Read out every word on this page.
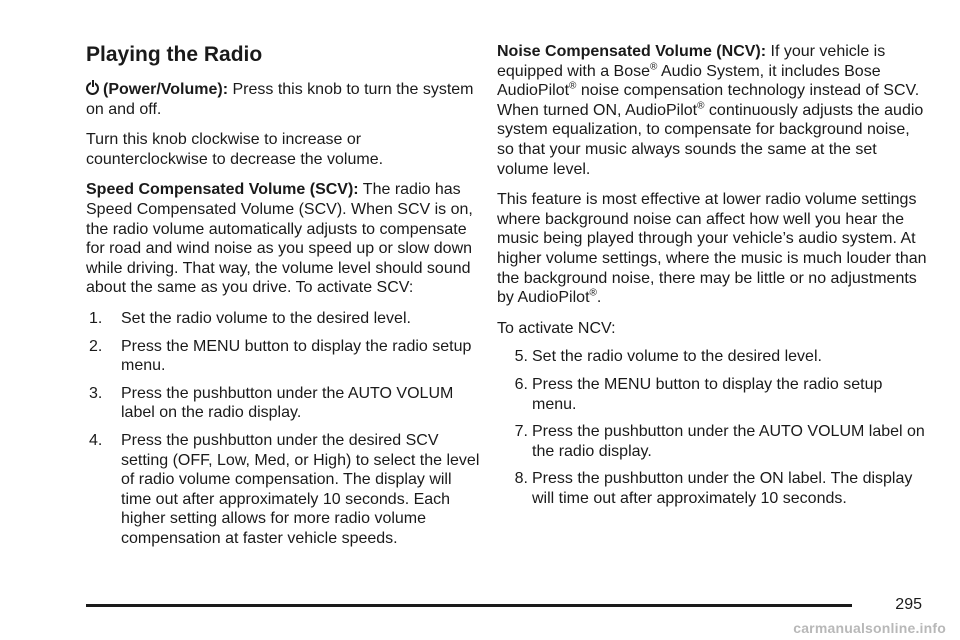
Playing the Radio

(Power/Volume): Press this knob to turn the system on and off.

Turn this knob clockwise to increase or counterclockwise to decrease the volume.

Speed Compensated Volume (SCV): The radio has Speed Compensated Volume (SCV). When SCV is on, the radio volume automatically adjusts to compensate for road and wind noise as you speed up or slow down while driving. That way, the volume level should sound about the same as you drive. To activate SCV:

1.	Set the radio volume to the desired level.
2.	Press the MENU button to display the radio setup menu.
3.	Press the pushbutton under the AUTO VOLUM label on the radio display.
4.	Press the pushbutton under the desired SCV setting (OFF, Low, Med, or High) to select the level of radio volume compensation. The display will time out after approximately 10 seconds. Each higher setting allows for more radio volume compensation at faster vehicle speeds.

Noise Compensated Volume (NCV): If your vehicle is equipped with a Bose® Audio System, it includes Bose AudioPilot® noise compensation technology instead of SCV. When turned ON, AudioPilot® continuously adjusts the audio system equalization, to compensate for background noise, so that your music always sounds the same at the set volume level.

This feature is most effective at lower radio volume settings where background noise can affect how well you hear the music being played through your vehicle’s audio system. At higher volume settings, where the music is much louder than the background noise, there may be little or no adjustments by AudioPilot®.

To activate NCV:

5. Set the radio volume to the desired level.
6. Press the MENU button to display the radio setup menu.
7. Press the pushbutton under the AUTO VOLUM label on the radio display.
8. Press the pushbutton under the ON label. The display will time out after approximately 10 seconds.
295
carmanualsonline.info
